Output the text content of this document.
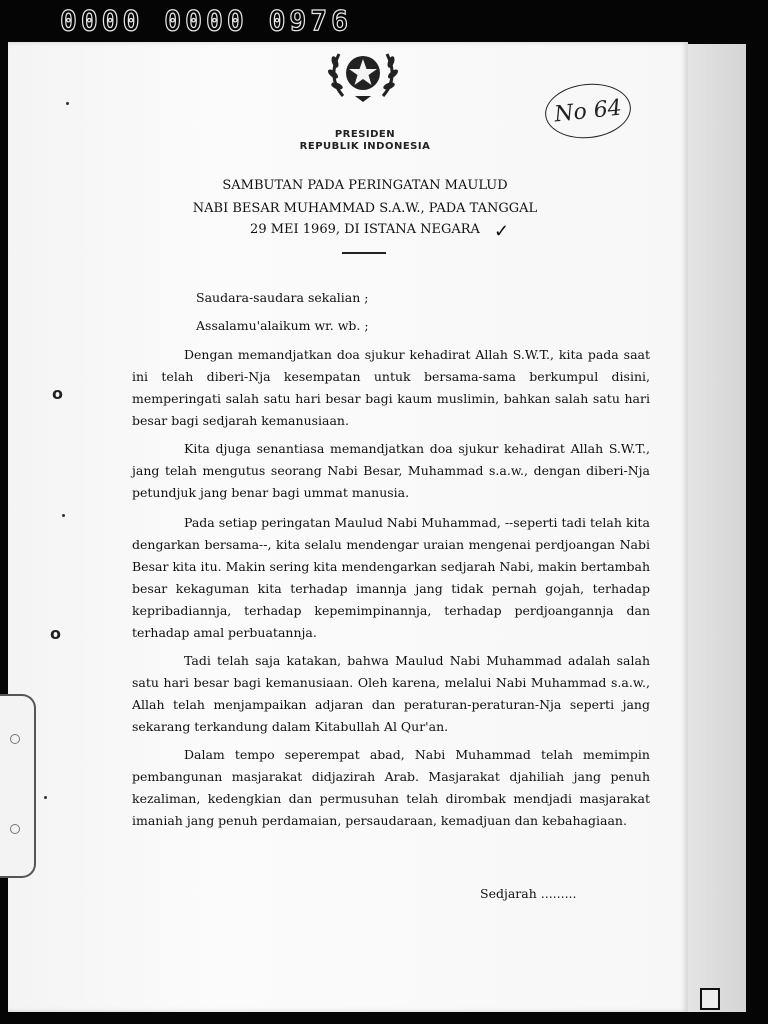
0000 0000 0976
No 64
PRESIDEN
REPUBLIK INDONESIA
SAMBUTAN PADA PERINGATAN MAULUD
NABI BESAR MUHAMMAD S.A.W., PADA TANGGAL
29 MEI 1969, DI ISTANA NEGARA ✓
Saudara-saudara sekalian ;
Assalamu'alaikum wr. wb. ;
Dengan memandjatkan doa sjukur kehadirat Allah S.W.T., kita pada saat ini telah diberi-Nja kesempatan untuk bersama-sama berkumpul disini, memperingati salah satu hari besar bagi kaum muslimin, bahkan salah satu hari besar bagi sedjarah kemanusiaan.
Kita djuga senantiasa memandjatkan doa sjukur kehadirat Allah S.W.T., jang telah mengutus seorang Nabi Besar, Muhammad s.a.w., dengan diberi-Nja petundjuk jang benar bagi ummat manusia.
Pada setiap peringatan Maulud Nabi Muhammad, --seperti tadi telah kita dengarkan bersama--, kita selalu mendengar uraian mengenai perdjoangan Nabi Besar kita itu. Makin sering kita mendengarkan sedjarah Nabi, makin bertambah besar kekaguman kita terhadap imannja jang tidak pernah gojah, terhadap kepribadiannja, terhadap kepemimpinannja, terhadap perdjoangannja dan terhadap amal perbuatannja.
Tadi telah saja katakan, bahwa Maulud Nabi Muhammad adalah salah satu hari besar bagi kemanusiaan. Oleh karena, melalui Nabi Muhammad s.a.w., Allah telah menjampaikan adjaran dan peraturan-peraturan-Nja seperti jang sekarang terkandung dalam Kitabullah Al Qur'an.
Dalam tempo seperempat abad, Nabi Muhammad telah memimpin pembangunan masjarakat didjazirah Arab. Masjarakat djahiliah jang penuh kezaliman, kedengkian dan permusuhan telah dirombak mendjadi masjarakat imaniah jang penuh perdamaian, persaudaraan, kemadjuan dan kebahagiaan.
Sedjarah .........
o
o
